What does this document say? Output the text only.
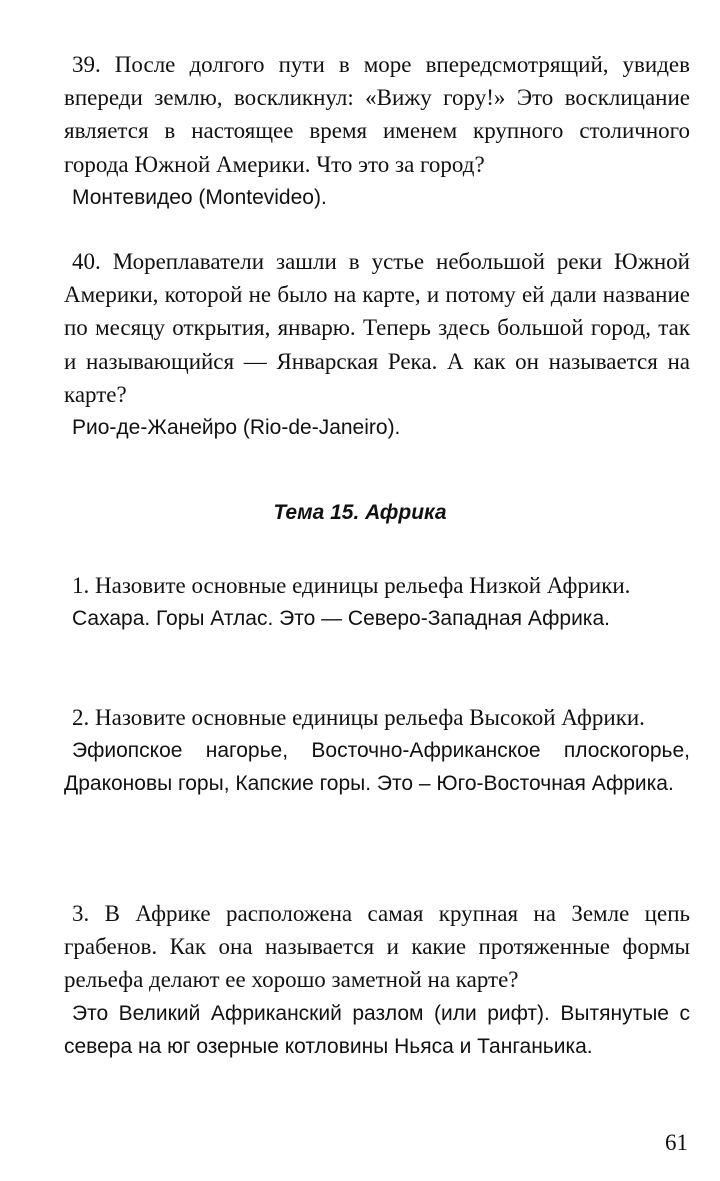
39. После долгого пути в море впередсмотрящий, увидев впереди землю, воскликнул: «Вижу гору!» Это восклицание является в настоящее время именем крупного столичного города Южной Америки. Что это за город?

Монтевидео (Montevideo).

40. Мореплаватели зашли в устье небольшой реки Южной Америки, которой не было на карте, и потому ей дали название по месяцу открытия, январю. Теперь здесь большой город, так и называющийся — Январская Река. А как он называется на карте?

Рио-де-Жанейро (Rio-de-Janeiro).

Тема 15. Африка

1. Назовите основные единицы рельефа Низкой Африки.

Сахара. Горы Атлас. Это — Северо-Западная Африка.

2. Назовите основные единицы рельефа Высокой Африки.

Эфиопское нагорье, Восточно-Африканское плоскогорье, Драконовы горы, Капские горы. Это – Юго-Восточная Африка.

3. В Африке расположена самая крупная на Земле цепь грабенов. Как она называется и какие протяженные формы рельефа делают ее хорошо заметной на карте?

Это Великий Африканский разлом (или рифт). Вытянутые с севера на юг озерные котловины Ньяса и Танганьика.

61
